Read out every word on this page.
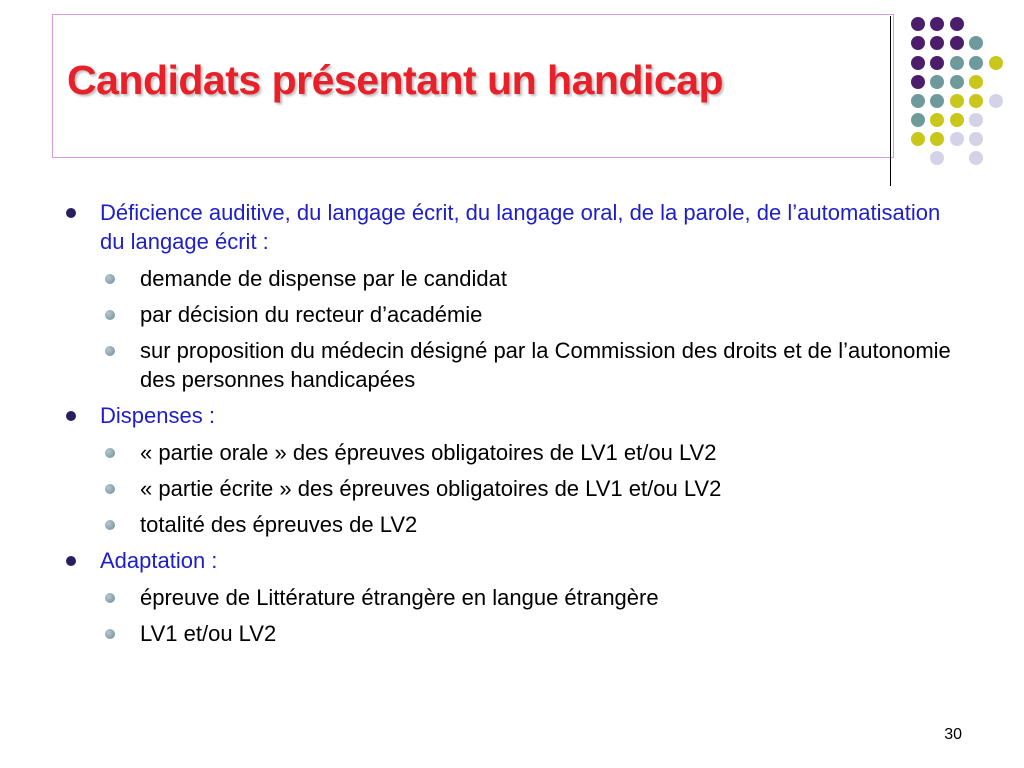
Candidats présentant un handicap
Déficience auditive, du langage écrit, du langage oral, de la parole, de l’automatisation du langage écrit :
demande de dispense par le candidat
par décision du recteur d’académie
sur proposition du médecin désigné par la Commission des droits et de l’autonomie des personnes handicapées
Dispenses :
« partie orale » des épreuves obligatoires de LV1 et/ou LV2
« partie écrite » des épreuves obligatoires de LV1 et/ou LV2
totalité des épreuves de LV2
Adaptation :
épreuve de Littérature étrangère en langue étrangère
LV1 et/ou LV2
30
